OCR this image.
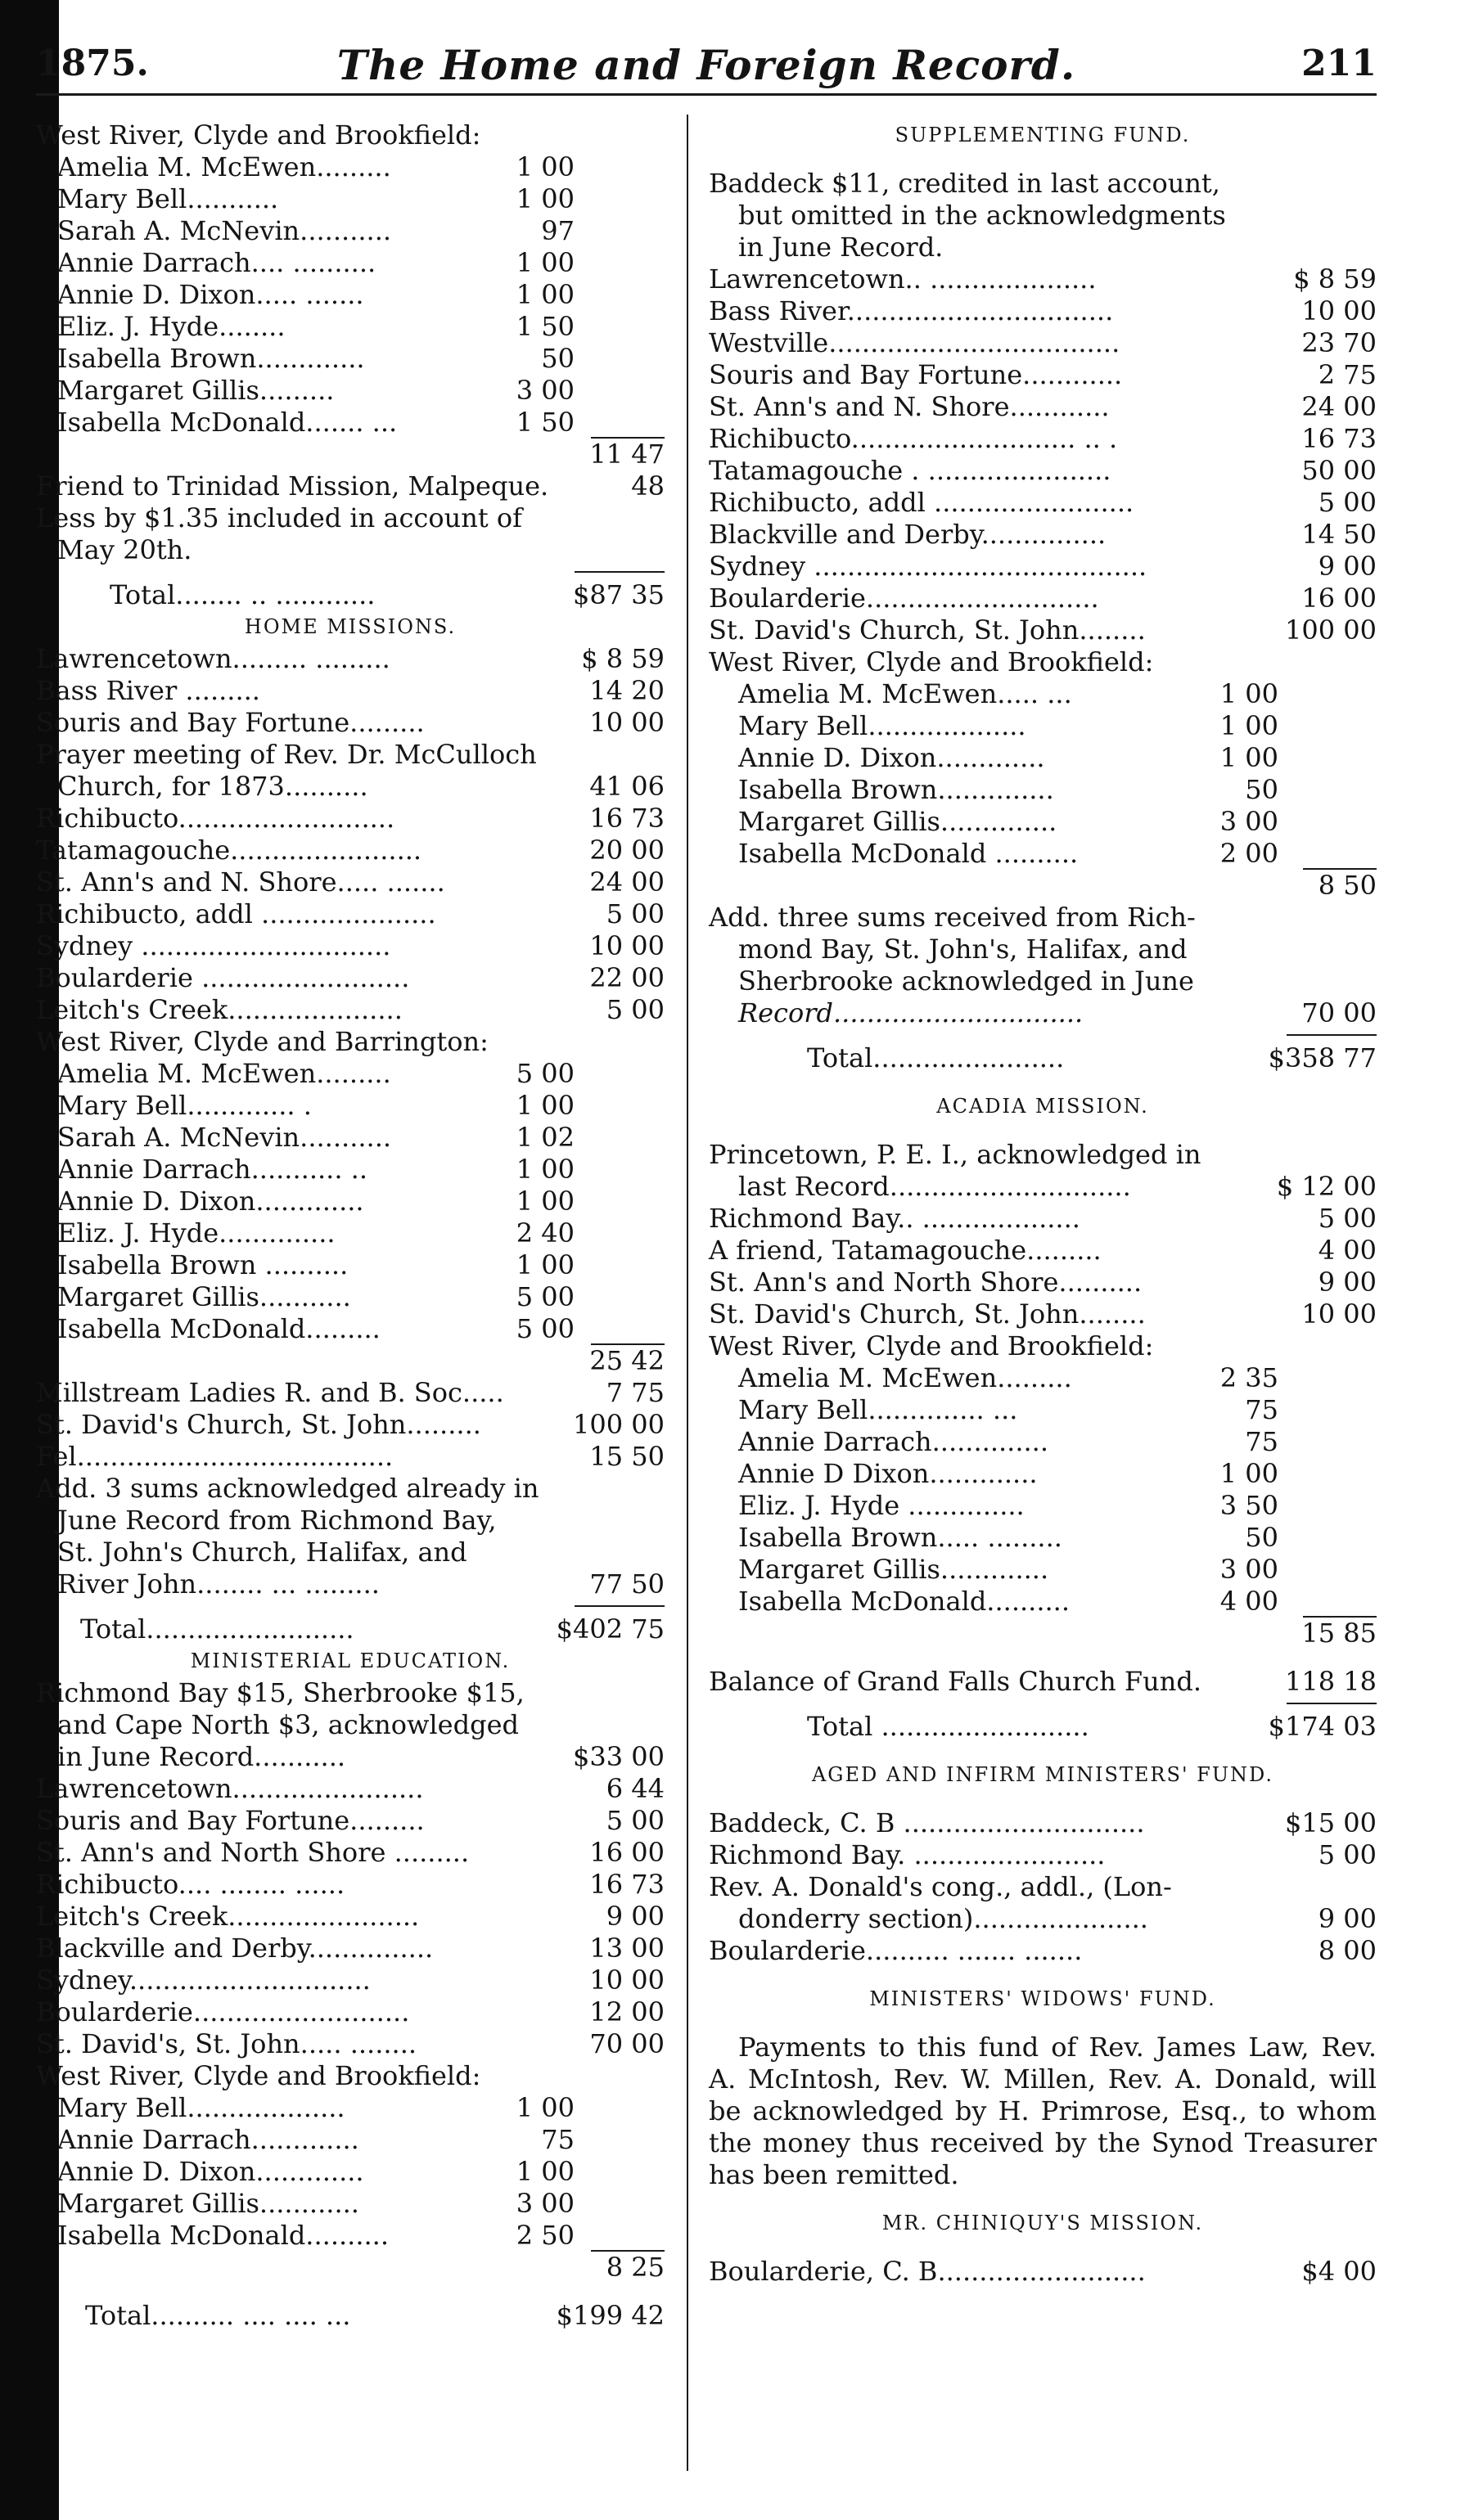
1875.	The Home and Foreign Record.	211
West River, Clyde and Brookfield:
Amelia M. McEwen.........	1 00
Mary Bell...........	1 00
Sarah A. McNevin...........	97
Annie Darrach.... ..........	1 00
Annie D. Dixon..... .......	1 00
Eliz. J. Hyde........	1 50
Isabella Brown.............	50
Margaret Gillis.........	3 00
Isabella McDonald....... ...	1 50
11 47
Friend to Trinidad Mission, Malpeque.	48
Less by $1.35 included in account of
May 20th.
Total........ .. ............	$87 35
HOME MISSIONS.
Lawrencetown......... .........	$ 8 59
Bass River .........	14 20
Souris and Bay Fortune.........	10 00
Prayer meeting of Rev. Dr. McCulloch
Church, for 1873..........	41 06
Richibucto..........................	16 73
Tatamagouche.......................	20 00
St. Ann's and N. Shore..... .......	24 00
Richibucto, addl .....................	5 00
Sydney ..............................	10 00
Boularderie .........................	22 00
Leitch's Creek.....................	5 00
West River, Clyde and Barrington:
Amelia M. McEwen.........	5 00
Mary Bell............. .	1 00
Sarah A. McNevin...........	1 02
Annie Darrach........... ..	1 00
Annie D. Dixon.............	1 00
Eliz. J. Hyde..............	2 40
Isabella Brown ..........	1 00
Margaret Gillis...........	5 00
Isabella McDonald.........	5 00
25 42
Millstream Ladies R. and B. Soc.....	7 75
St. David's Church, St. John.........	100 00
Fel......................................	15 50
Add. 3 sums acknowledged already in
June Record from Richmond Bay,
St. John's Church, Halifax, and
River John........ ... .........	77 50
Total.........................	$402 75
MINISTERIAL EDUCATION.
Richmond Bay $15, Sherbrooke $15,
and Cape North $3, acknowledged
in June Record...........	$33 00
Lawrencetown.......................	6 44
Souris and Bay Fortune.........	5 00
St. Ann's and North Shore .........	16 00
Richibucto.... ........ ......	16 73
Leitch's Creek.......................	9 00
Blackville and Derby...............	13 00
Sydney.............................	10 00
Boularderie..........................	12 00
St. David's, St. John..... ........	70 00
West River, Clyde and Brookfield:
Mary Bell...................	1 00
Annie Darrach.............	75
Annie D. Dixon.............	1 00
Margaret Gillis............	3 00
Isabella McDonald..........	2 50
8 25
Total.......... .... .... ...	$199 42
SUPPLEMENTING FUND.
Baddeck $11, credited in last account,
but omitted in the acknowledgments
in June Record.
Lawrencetown.. ....................	$ 8 59
Bass River................................	10 00
Westville...................................	23 70
Souris and Bay Fortune............	2 75
St. Ann's and N. Shore............	24 00
Richibucto........................... .. .	16 73
Tatamagouche . ......................	50 00
Richibucto, addl ........................	5 00
Blackville and Derby...............	14 50
Sydney ........................................	9 00
Boularderie............................	16 00
St. David's Church, St. John........	100 00
West River, Clyde and Brookfield:
Amelia M. McEwen..... ...	1 00
Mary Bell...................	1 00
Annie D. Dixon.............	1 00
Isabella Brown..............	50
Margaret Gillis..............	3 00
Isabella McDonald ..........	2 00
8 50
Add. three sums received from Rich-
mond Bay, St. John's, Halifax, and
Sherbrooke acknowledged in June
Record..............................	70 00
Total.......................	$358 77
ACADIA MISSION.
Princetown, P. E. I., acknowledged in
last Record.............................	$ 12 00
Richmond Bay.. ...................	5 00
A friend, Tatamagouche.........	4 00
St. Ann's and North Shore..........	9 00
St. David's Church, St. John........	10 00
West River, Clyde and Brookfield:
Amelia M. McEwen.........	2 35
Mary Bell.............. ...	75
Annie Darrach..............	75
Annie D Dixon.............	1 00
Eliz. J. Hyde ..............	3 50
Isabella Brown..... .........	50
Margaret Gillis.............	3 00
Isabella McDonald..........	4 00
15 85
Balance of Grand Falls Church Fund.	118 18
Total .........................	$174 03
AGED AND INFIRM MINISTERS' FUND.
Baddeck, C. B .............................	$15 00
Richmond Bay. .......................	5 00
Rev. A. Donald's cong., addl., (Lon-
donderry section).....................	9 00
Boularderie.......... ....... .......	8 00
MINISTERS' WIDOWS' FUND.
Payments to this fund of Rev. James Law, Rev. A. McIntosh, Rev. W. Millen, Rev. A. Donald, will be acknowledged by H. Primrose, Esq., to whom the money thus received by the Synod Treasurer has been remitted.
MR. CHINIQUY'S MISSION.
Boularderie, C. B.........................	$4 00
